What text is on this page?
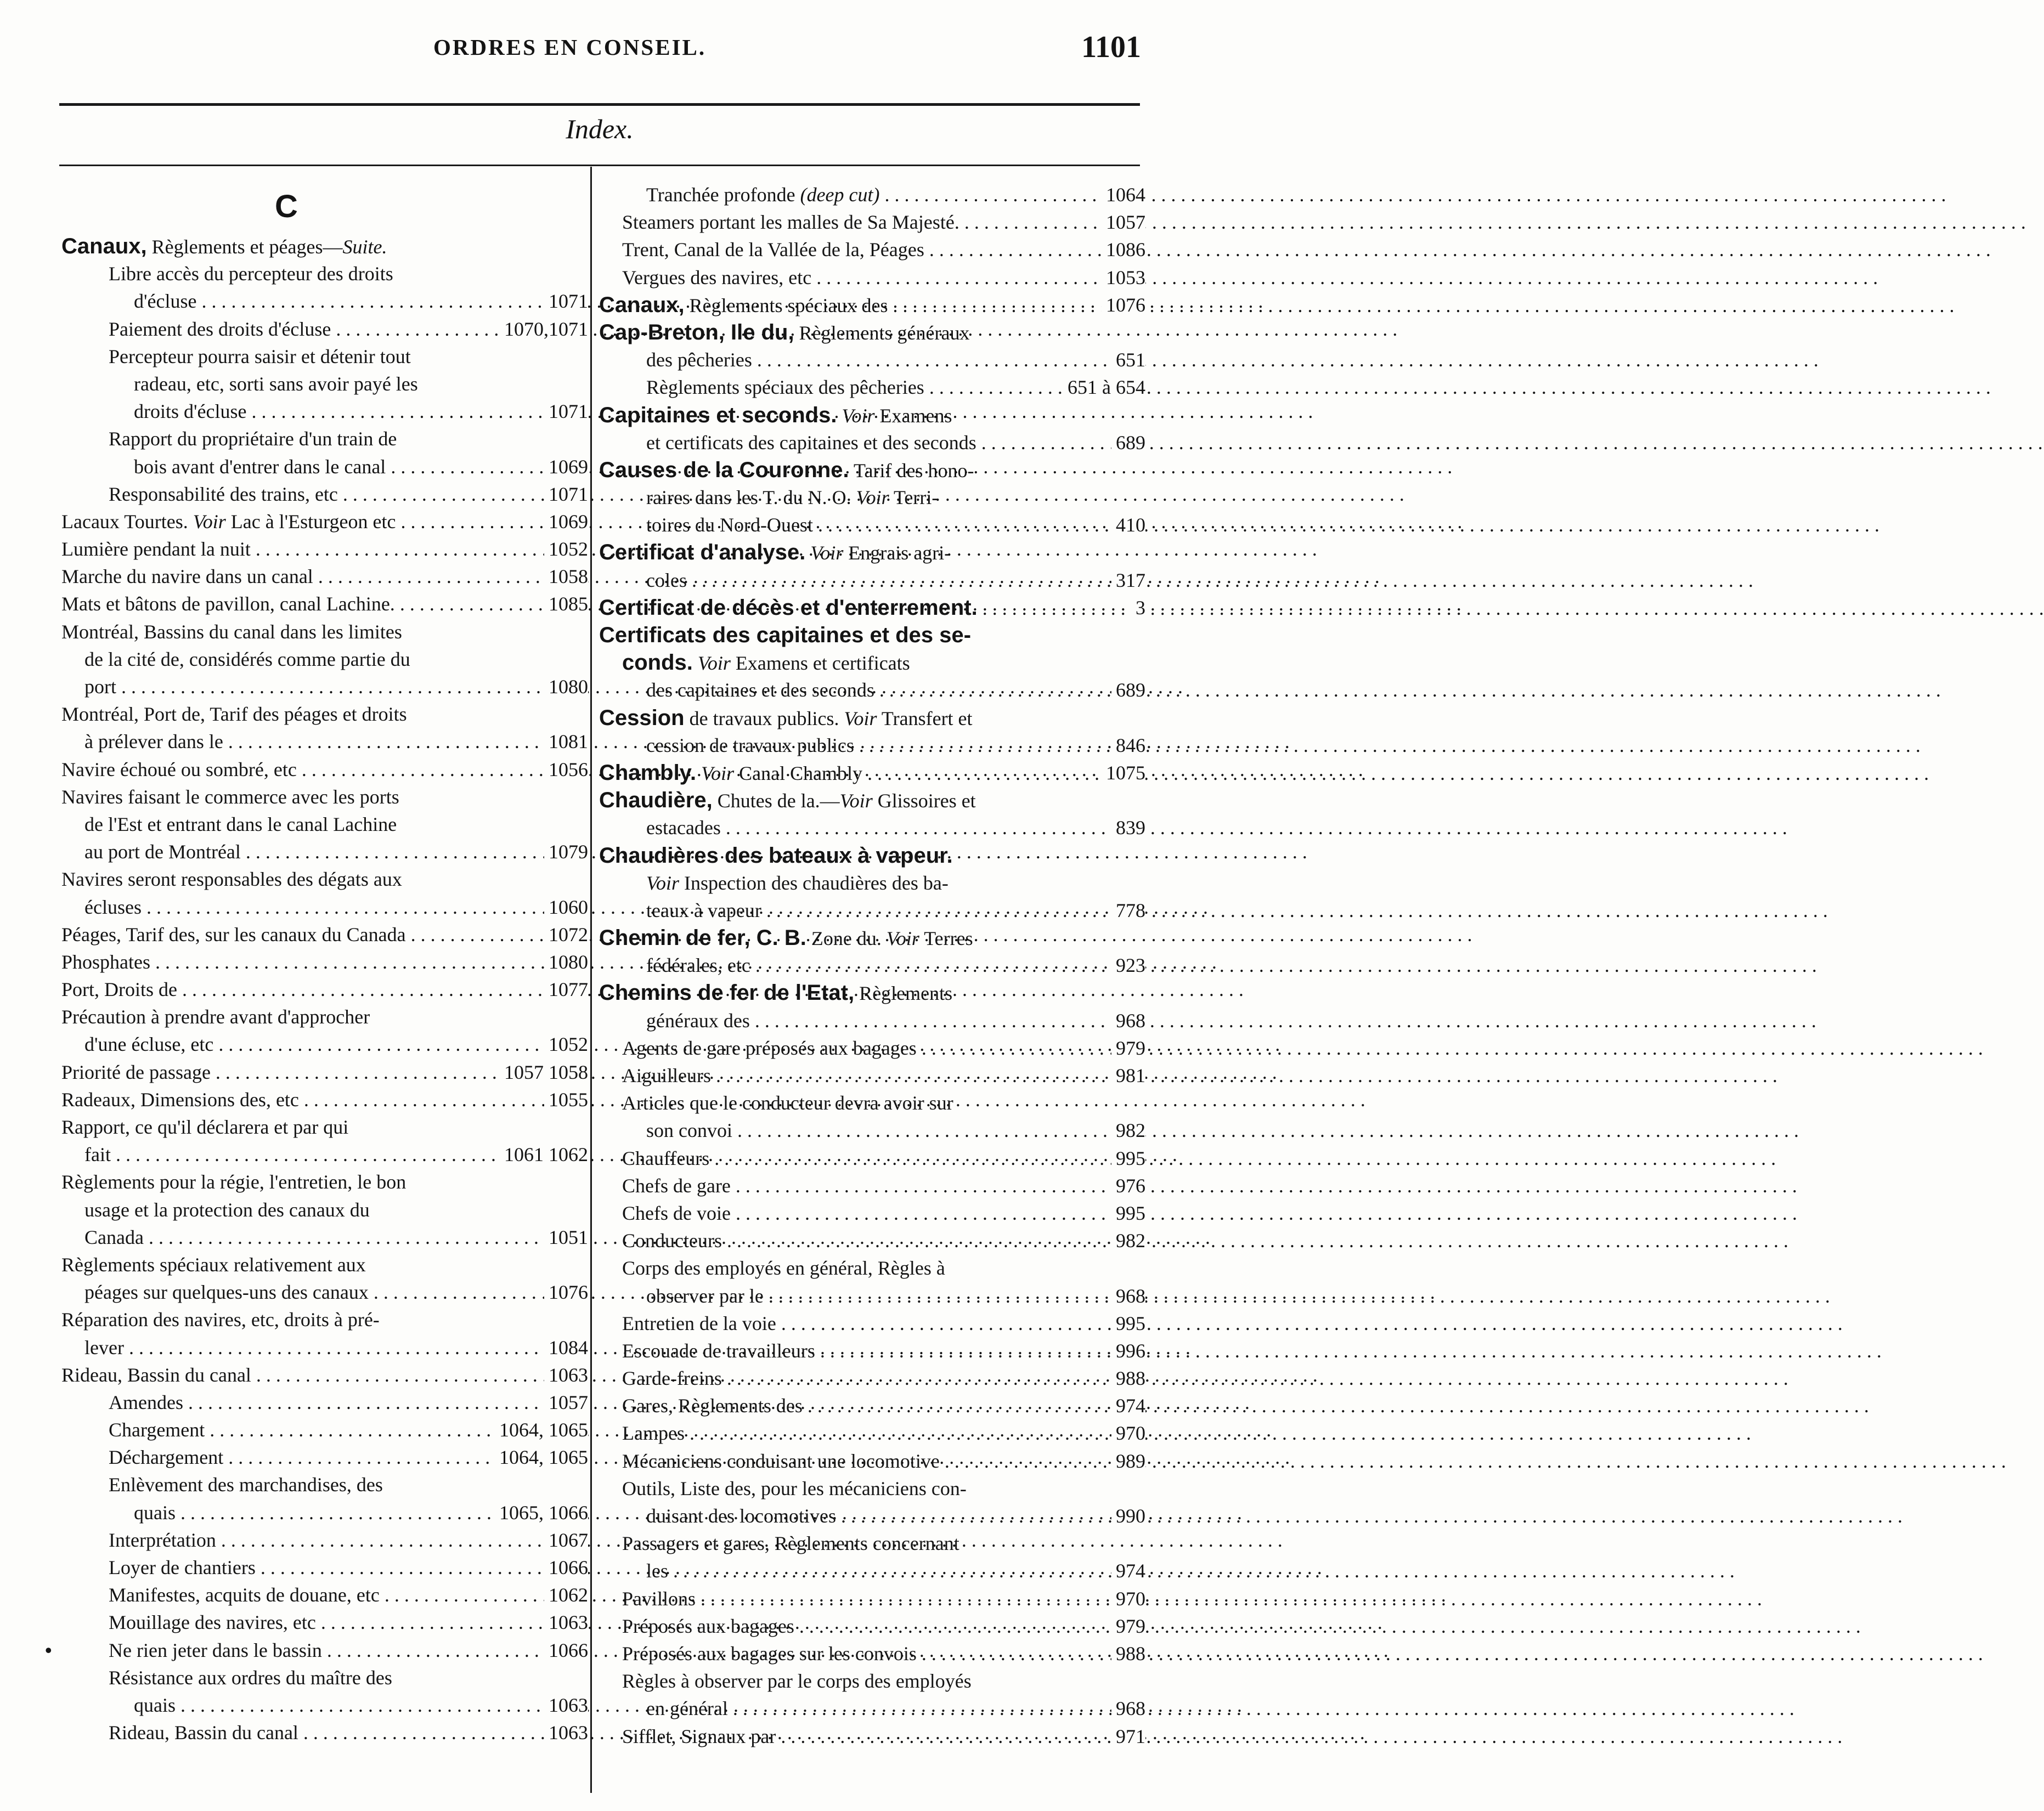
ORDRES EN CONSEIL.	1101
Index.
C
Canaux, Règlements et péages—Suite.
Libre accès du percepteur des droits
d'écluse . . .	1071
Paiement des droits d'écluse . . .	1070,1071
Percepteur pourra saisir et détenir tout
radeau, etc, sorti sans avoir payé les
droits d'écluse . . .	1071
Rapport du propriétaire d'un train de
bois avant d'entrer dans le canal . . .	1069
Responsabilité des trains, etc . . .	1071
Lacaux Tourtes. Voir Lac à l'Esturgeon etc . . .	1069
Lumière pendant la nuit . . .	1052
Marche du navire dans un canal . . .	1058
Mats et bâtons de pavillon, canal Lachine. . . .	1085
Montréal, Bassins du canal dans les limites
de la cité de, considérés comme partie du
port . . .	1080
Montréal, Port de, Tarif des péages et droits
à prélever dans le . . .	1081
Navire échoué ou sombré, etc . . .	1056
Navires faisant le commerce avec les ports
de l'Est et entrant dans le canal Lachine
au port de Montréal . . .	1079
Navires seront responsables des dégats aux
écluses . . .	1060
Péages, Tarif des, sur les canaux du Canada . . .	1072
Phosphates . . .	1080
Port, Droits de . . .	1077
Précaution à prendre avant d'approcher
d'une écluse, etc . . .	1052
Priorité de passage . . .	1057 1058
Radeaux, Dimensions des, etc . . .	1055
Rapport, ce qu'il déclarera et par qui
fait . . .	1061 1062
Règlements pour la régie, l'entretien, le bon
usage et la protection des canaux du
Canada . . .	1051
Règlements spéciaux relativement aux
péages sur quelques-uns des canaux . . .	1076
Réparation des navires, etc, droits à pré-
lever . . .	1084
Rideau, Bassin du canal . . .	1063
Amendes . . .	1057
Chargement . . .	1064, 1065
Déchargement . . .	1064, 1065
Enlèvement des marchandises, des
quais . . .	1065, 1066
Interprétation . . .	1067
Loyer de chantiers . . .	1066
Manifestes, acquits de douane, etc . . .	1062
Mouillage des navires, etc . . .	1063
•	Ne rien jeter dans le bassin . . .	1066
Résistance aux ordres du maître des
quais . . .	1063
Rideau, Bassin du canal . . .	1063
Tranchée profonde (deep cut) . . .	1064
Steamers portant les malles de Sa Majesté. . . .	1057
Trent, Canal de la Vallée de la, Péages . . .	1086
Vergues des navires, etc . . .	1053
Canaux, Règlements spéciaux des . . .	1076
Cap-Breton, Ile du, Règlements généraux
des pêcheries . . .	651
Règlements spéciaux des pêcheries . . .	651 à 654
Capitaines et seconds. Voir Examens
et certificats des capitaines et des seconds . . .	689
Causes de la Couronne. Tarif des hono-
raires dans les T. du N. O. Voir Terri-
toires du Nord-Ouest . . .	410
Certificat d'analyse. Voir Engrais agri-
coles . . .	317
Certificat de décès et d'enterrement. . . .	3
Certificats des capitaines et des se-
conds. Voir Examens et certificats
des capitaines et des seconds . . .	689
Cession de travaux publics. Voir Transfert et
cession de travaux publics . . .	846
Chambly. Voir Canal Chambly . . .	1075
Chaudière, Chutes de la.—Voir Glissoires et
estacades . . .	839
Chaudières des bateaux à vapeur.
Voir Inspection des chaudières des ba-
teaux à vapeur . . .	778
Chemin de fer, C. B. Zone du. Voir Terres
fédérales, etc . . .	923
Chemins de fer de l'Etat, Règlements
généraux des . . .	968
Agents de gare préposés aux bagages . . .	979
Aiguilleurs . . .	981
Articles que le conducteur devra avoir sur
son convoi . . .	982
Chauffeurs . . .	995
Chefs de gare . . .	976
Chefs de voie . . .	995
Conducteurs . . .	982
Corps des employés en général, Règles à
observer par le . . .	968
Entretien de la voie . . .	995
Escouade de travailleurs . . .	996
Garde-freins . . .	988
Gares, Règlements des . . .	974
Lampes . . .	970
Mécaniciens conduisant une locomotive . . .	989
Outils, Liste des, pour les mécaniciens con-
duisant des locomotives . . .	990
Passagers et gares, Règlements concernant
les . . .	974
Pavillons . . .	970
Préposés aux bagages . . .	979
Préposés aux bagages sur les convois . . .	988
Règles à observer par le corps des employés
en général . . .	968
Sifflet, Signaux par . . .	971
